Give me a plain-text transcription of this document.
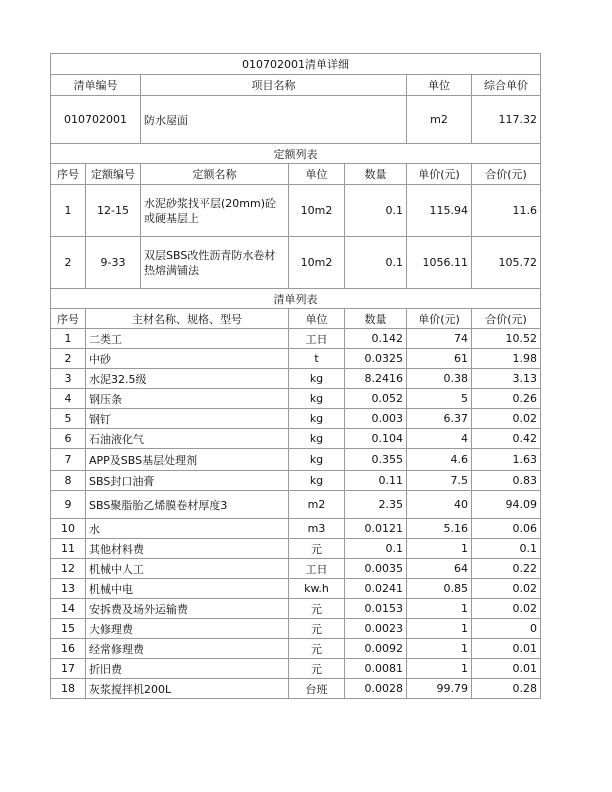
010702001清单详细						
清单编号		项目名称			单位	综合单价
010702001		防水屋面			m2	117.32
定额列表						
序号	定额编号	定额名称	单位	数量	单价(元)	合价(元)
1	12-15	水泥砂浆找平层(20mm)砼或硬基层上	10m2	0.1	115.94	11.6
2	9-33	双层SBS改性沥青防水卷材热熔满铺法	10m2	0.1	1056.11	105.72
清单列表						
序号	主材名称、规格、型号		单位	数量	单价(元)	合价(元)
1	二类工		工日	0.142	74	10.52
2	中砂		t	0.0325	61	1.98
3	水泥32.5级		kg	8.2416	0.38	3.13
4	钢压条		kg	0.052	5	0.26
5	钢钉		kg	0.003	6.37	0.02
6	石油液化气		kg	0.104	4	0.42
7	APP及SBS基层处理剂		kg	0.355	4.6	1.63
8	SBS封口油膏		kg	0.11	7.5	0.83
9	SBS聚脂胎乙烯膜卷材厚度3		m2	2.35	40	94.09
10	水		m3	0.0121	5.16	0.06
11	其他材料费		元	0.1	1	0.1
12	机械中人工		工日	0.0035	64	0.22
13	机械中电		kw.h	0.0241	0.85	0.02
14	安拆费及场外运输费		元	0.0153	1	0.02
15	大修理费		元	0.0023	1	0
16	经常修理费		元	0.0092	1	0.01
17	折旧费		元	0.0081	1	0.01
18	灰浆搅拌机200L		台班	0.0028	99.79	0.28
